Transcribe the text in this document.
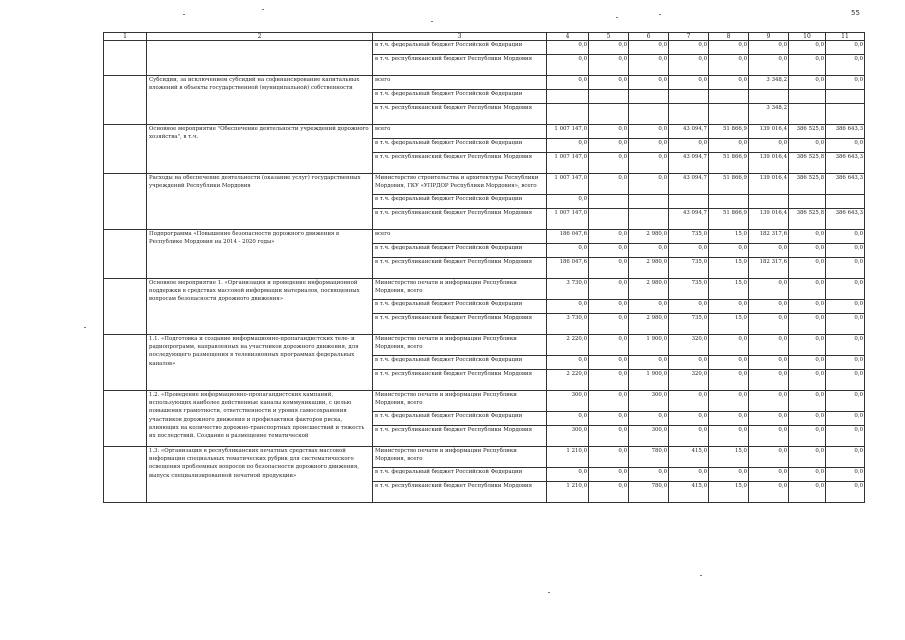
55
1	2	3	4	5	6	7	8	9	10	11
		в т.ч. федеральный бюджет Российской Федерации	0,0	0,0	0,0	0,0	0,0	0,0	0,0	0,0
		в т.ч. республиканский бюджет Республики Мордовия	0,0	0,0	0,0	0,0	0,0	0,0	0,0	0,0
	Субсидии, за исключением субсидий на софинансирование капитальных вложений в объекты государственной (муниципальной) собственности	всего	0,0	0,0	0,0	0,0	0,0	3 348,2	0,0	0,0
		в т.ч. федеральный бюджет Российской Федерации								
		в т.ч. республиканский бюджет Республики Мордовия						3 348,2		
	Основное мероприятие "Обеспечение деятельности учреждений дорожного хозяйства", в т.ч.	всего	1 007 147,0	0,0	0,0	43 094,7	51 866,9	139 016,4	386 525,8	386 643,3
		в т.ч. федеральный бюджет Российской Федерации	0,0	0,0	0,0	0,0	0,0	0,0	0,0	0,0
		в т.ч. республиканский бюджет Республики Мордовия	1 007 147,0	0,0	0,0	43 094,7	51 866,9	139 016,4	386 525,8	386 643,3
	Расходы на обеспечение деятельности (оказание услуг) государственных учреждений Республики Мордовия	Министерство строительства и архитектуры Республики Мордовия, ГКУ «УПРДОР Республики Мордовия», всего	1 007 147,0	0,0	0,0	43 094,7	51 866,9	139 016,4	386 525,8	386 643,3
		в т.ч. федеральный бюджет Российской Федерации	0,0							
		в т.ч. республиканский бюджет Республики Мордовия	1 007 147,0			43 094,7	51 866,9	139 016,4	386 525,8	386 643,3
	Подпрограмма «Повышение безопасности дорожного движения в Республике Мордовия на 2014 - 2020 годы»	всего	186 047,6	0,0	2 980,0	735,0	15,0	182 317,6	0,0	0,0
		в т.ч. федеральный бюджет Российской Федерации	0,0	0,0	0,0	0,0	0,0	0,0	0,0	0,0
		в т.ч. республиканский бюджет Республики Мордовия	186 047,6	0,0	2 980,0	735,0	15,0	182 317,6	0,0	0,0
	Основное мероприятие 1. «Организация и проведение информационной поддержки в средствах массовой информации материалов, посвященных вопросам безопасности дорожного движения»	Министерство печати и информации Республики Мордовия, всего	3 730,0	0,0	2 980,0	735,0	15,0	0,0	0,0	0,0
		в т.ч. федеральный бюджет Российской Федерации	0,0	0,0	0,0	0,0	0,0	0,0	0,0	0,0
		в т.ч. республиканский бюджет Республики Мордовия	3 730,0	0,0	2 980,0	735,0	15,0	0,0	0,0	0,0
	1.1. «Подготовка и создание информационно-пропагандистских теле- и радиопрограмм, направленных на участников дорожного движения, для последующего размещения в телевизионных программах федеральных каналов»	Министерство печати и информации Республики Мордовия, всего	2 220,0	0,0	1 900,0	320,0	0,0	0,0	0,0	0,0
		в т.ч. федеральный бюджет Российской Федерации	0,0	0,0	0,0	0,0	0,0	0,0	0,0	0,0
		в т.ч. республиканский бюджет Республики Мордовия	2 220,0	0,0	1 900,0	320,0	0,0	0,0	0,0	0,0
	1.2. «Проведение информационно-пропагандистских кампаний, использующих наиболее действенные каналы коммуникации, с целью повышения грамотности, ответственности и уровня самосохранения участников дорожного движения и профилактики факторов риска, влияющих на количество дорожно-транспортных происшествий и тяжесть их последствий. Создание и размещение тематической	Министерство печати и информации Республики Мордовия, всего	300,0	0,0	300,0	0,0	0,0	0,0	0,0	0,0
		в т.ч. федеральный бюджет Российской Федерации	0,0	0,0	0,0	0,0	0,0	0,0	0,0	0,0
		в т.ч. республиканский бюджет Республики Мордовия	300,0	0,0	300,0	0,0	0,0	0,0	0,0	0,0
	1.3. «Организация в республиканских печатных средствах массовой информации специальных тематических рубрик для систематического освещения проблемных вопросов по безопасности дорожного движения, выпуск специализированной печатной продукции»	Министерство печати и информации Республики Мордовия, всего	1 210,0	0,0	780,0	415,0	15,0	0,0	0,0	0,0
		в т.ч. федеральный бюджет Российской Федерации	0,0	0,0	0,0	0,0	0,0	0,0	0,0	0,0
		в т.ч. республиканский бюджет Республики Мордовия	1 210,0	0,0	780,0	415,0	15,0	0,0	0,0	0,0
